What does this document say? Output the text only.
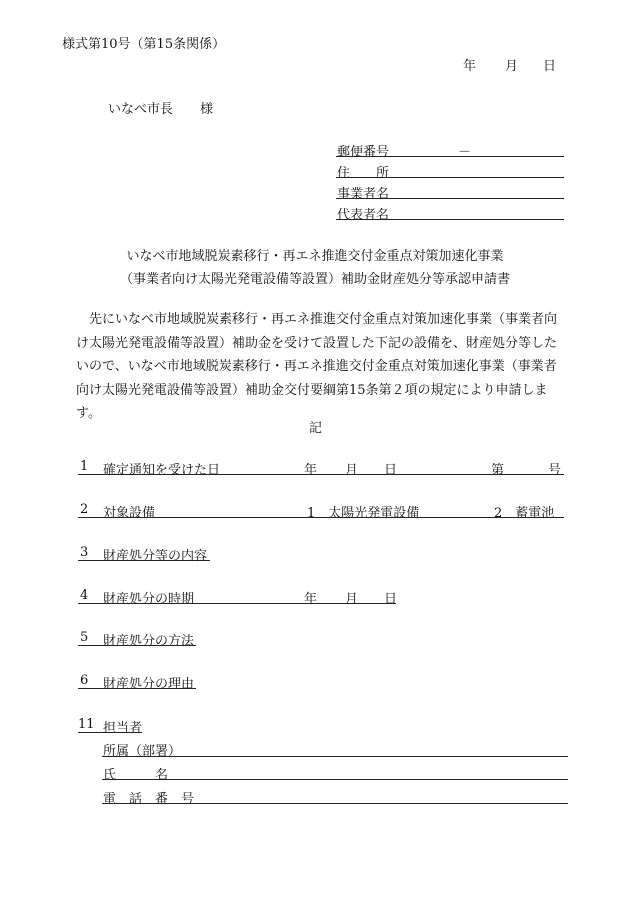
様式第10号（第15条関係）
年 月 日
いなべ市長 様
郵便番号	－
住　　所
事業者名
代表者名
いなべ市地域脱炭素移行・再エネ推進交付金重点対策加速化事業
（事業者向け太陽光発電設備等設置）補助金財産処分等承認申請書
先にいなべ市地域脱炭素移行・再エネ推進交付金重点対策加速化事業（事業者向け太陽光発電設備等設置）補助金を受けて設置した下記の設備を、財産処分等したいので、いなべ市地域脱炭素移行・再エネ推進交付金重点対策加速化事業（事業者向け太陽光発電設備等設置）補助金交付要綱第15条第２項の規定により申請します。
記
1 確定通知を受けた日	年 月 日	第	号
2 対象設備	1　太陽光発電設備	2　蓄電池
3 財産処分等の内容
4 財産処分の時期	年 月 日
5 財産処分の方法
6 財産処分の理由
11 担当者
所属（部署）
氏　　　名
電　話　番　号
